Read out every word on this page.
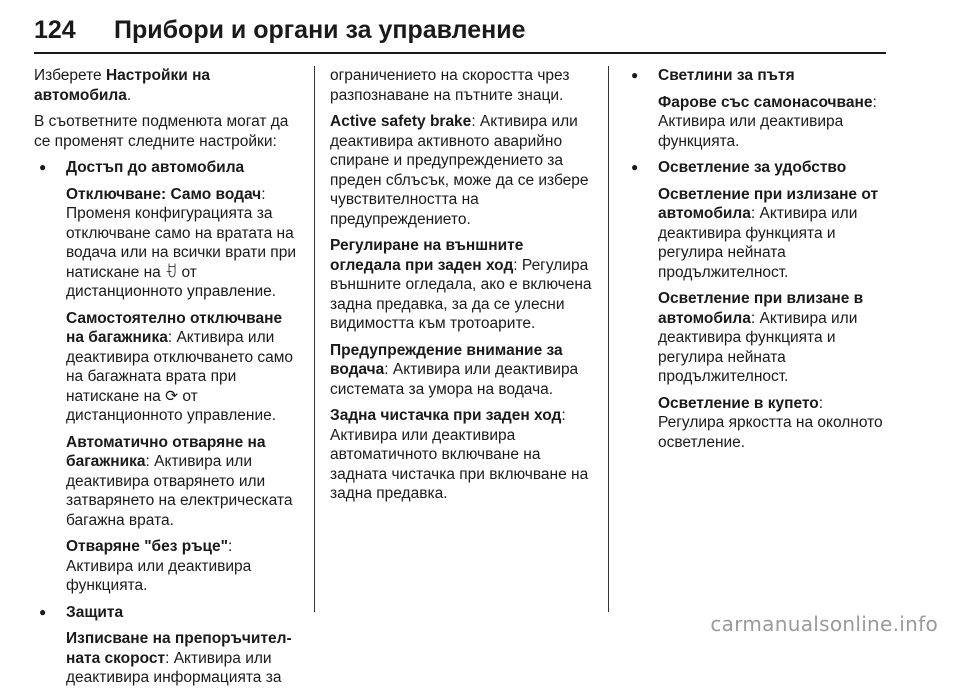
124 Прибори и органи за управление

Изберете Настройки на автомобила.

В съответните подменюта могат да се променят следните настройки:

● Достъп до автомобила

Отключване: Само водач: Променя конфигурацията за отключване само на вратата на водача или на всички врати при натискане на ꀀ от дистанционното управление.

Самостоятелно отключване на багажника: Активира или деактивира отключването само на багажната врата при натискане на ⟳ от дистанционното управление.

Автоматично отваряне на багажника: Активира или деактивира отварянето или затварянето на електрическата багажна врата.

Отваряне "без ръце": Активира или деактивира функцията.

● Защита

Изписване на препоръчителната скорост: Активира или деактивира информацията за

ограничението на скоростта чрез разпознаване на пътните знаци.

Active safety brake: Активира или деактивира активното аварийно спиране и предупреждението за преден сблъсък, може да се избере чувствителността на предупреждението.

Регулиране на външните огледала при заден ход: Регулира външните огледала, ако е включена задна предавка, за да се улесни видимостта към тротоарите.

Предупреждение внимание за водача: Активира или деактивира системата за умора на водача.

Задна чистачка при заден ход: Активира или деактивира автоматичното включване на задната чистачка при включване на задна предавка.

● Светлини за пътя

Фарове със самонасочване: Активира или деактивира функцията.

● Осветление за удобство

Осветление при излизане от автомобила: Активира или деактивира функцията и регулира нейната продължителност.

Осветление при влизане в автомобила: Активира или деактивира функцията и регулира нейната продължителност.

Осветление в купето: Регулира яркостта на околното осветление.

carmanualsonline.info
